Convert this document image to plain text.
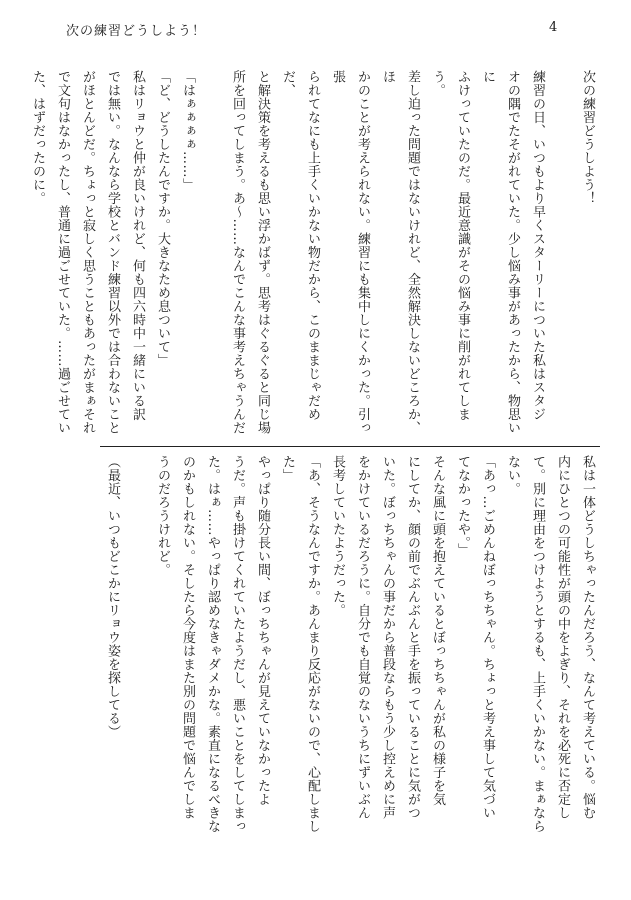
次の練習どうしよう！	4

次の練習どうしよう！

練習の日、いつもより早くスターリーについた私はスタジ

オの隅でたそがれていた。少し悩み事があったから、物思いに

ふけっていたのだ。最近意識がその悩み事に削がれてしまう。

差し迫った問題ではないけれど、全然解決しないどころか、ほ

かのことが考えられない。練習にも集中しにくかった。引っ張

られてなにも上手くいかない物だから、このままじゃだめだ、

と解決策を考えるも思い浮かばず。思考はぐるぐると同じ場

所を回ってしまう。あ～……なんでこんな事考えちゃうんだ

「はぁぁぁぁ……」

「ど、どうしたんですか。大きなため息ついて」

私はリョウと仲が良いけれど、何も四六時中一緒にいる訳

では無い。なんなら学校とバンド練習以外では合わないこと

がほとんどだ。ちょっと寂しく思うこともあったがまぁそれ

で文句はなかったし、普通に過ごせていた。……過ごせてい

た、はずだったのに。

私は一体どうしちゃったんだろう、なんて考えている。悩む

内にひとつの可能性が頭の中をよぎり、それを必死に否定し

て。別に理由をつけようとするも、上手くいかない。まぁなら

ない。

「あっ…ごめんねぼっちちゃん。ちょっと考え事して気づい

てなかったや。」

そんな風に頭を抱えているとぼっちちゃんが私の様子を気

にしてか、顔の前でぶんぶんと手を振っていることに気がつ

いた。ぼっちちゃんの事だから普段ならもう少し控えめに声

をかけているだろうに。自分でも自覚のないうちにずいぶん

長考していたようだった。

「あ、そうなんですか。あんまり反応がないので、心配しまし

た」

やっぱり随分長い間、ぼっちちゃんが見えていなかったよ

うだ。声も掛けてくれていたようだし、悪いことをしてしまっ

た。はぁ……やっぱり認めなきゃダメかな。素直になるべきな

のかもしれない。そしたら今度はまた別の問題で悩んでしま

うのだろうけれど。

（最近、いつもどこかにリョウ姿を探してる）
